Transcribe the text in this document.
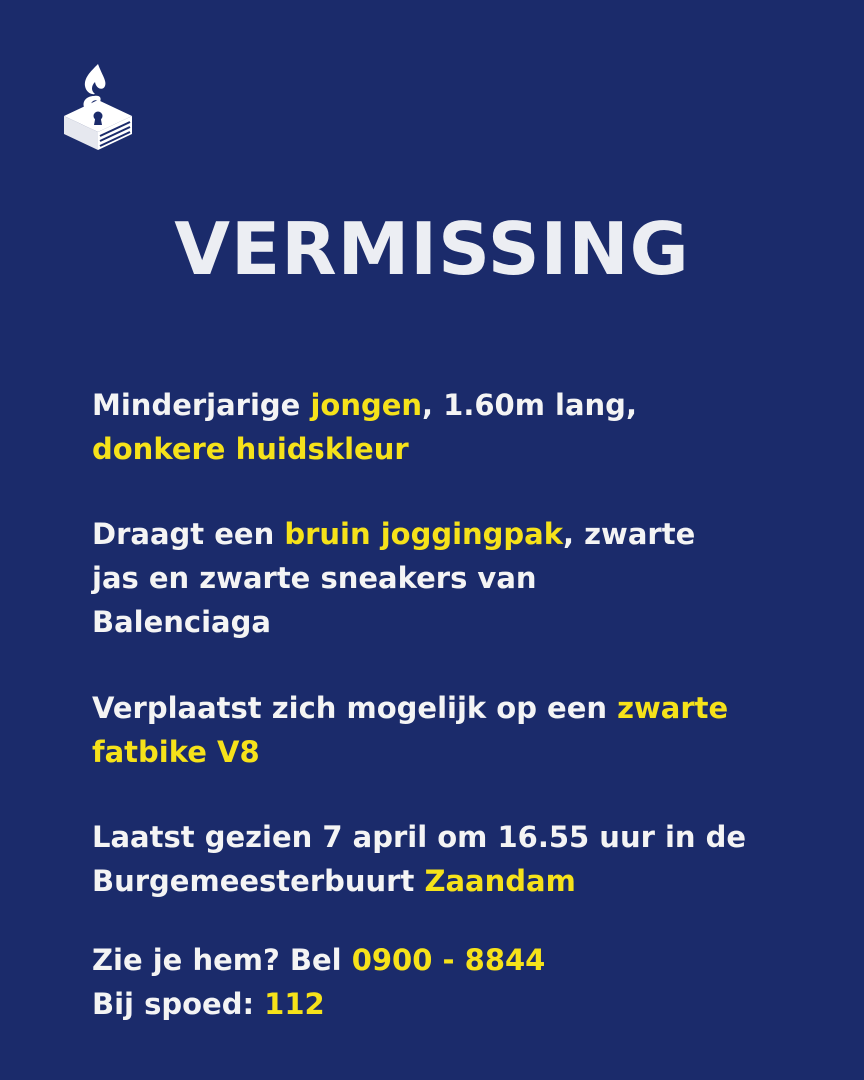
VERMISSING

Minderjarige jongen, 1.60m lang,
donkere huidskleur

Draagt een bruin joggingpak, zwarte
jas en zwarte sneakers van
Balenciaga

Verplaatst zich mogelijk op een zwarte
fatbike V8

Laatst gezien 7 april om 16.55 uur in de
Burgemeesterbuurt Zaandam

Zie je hem? Bel 0900 - 8844
Bij spoed: 112
